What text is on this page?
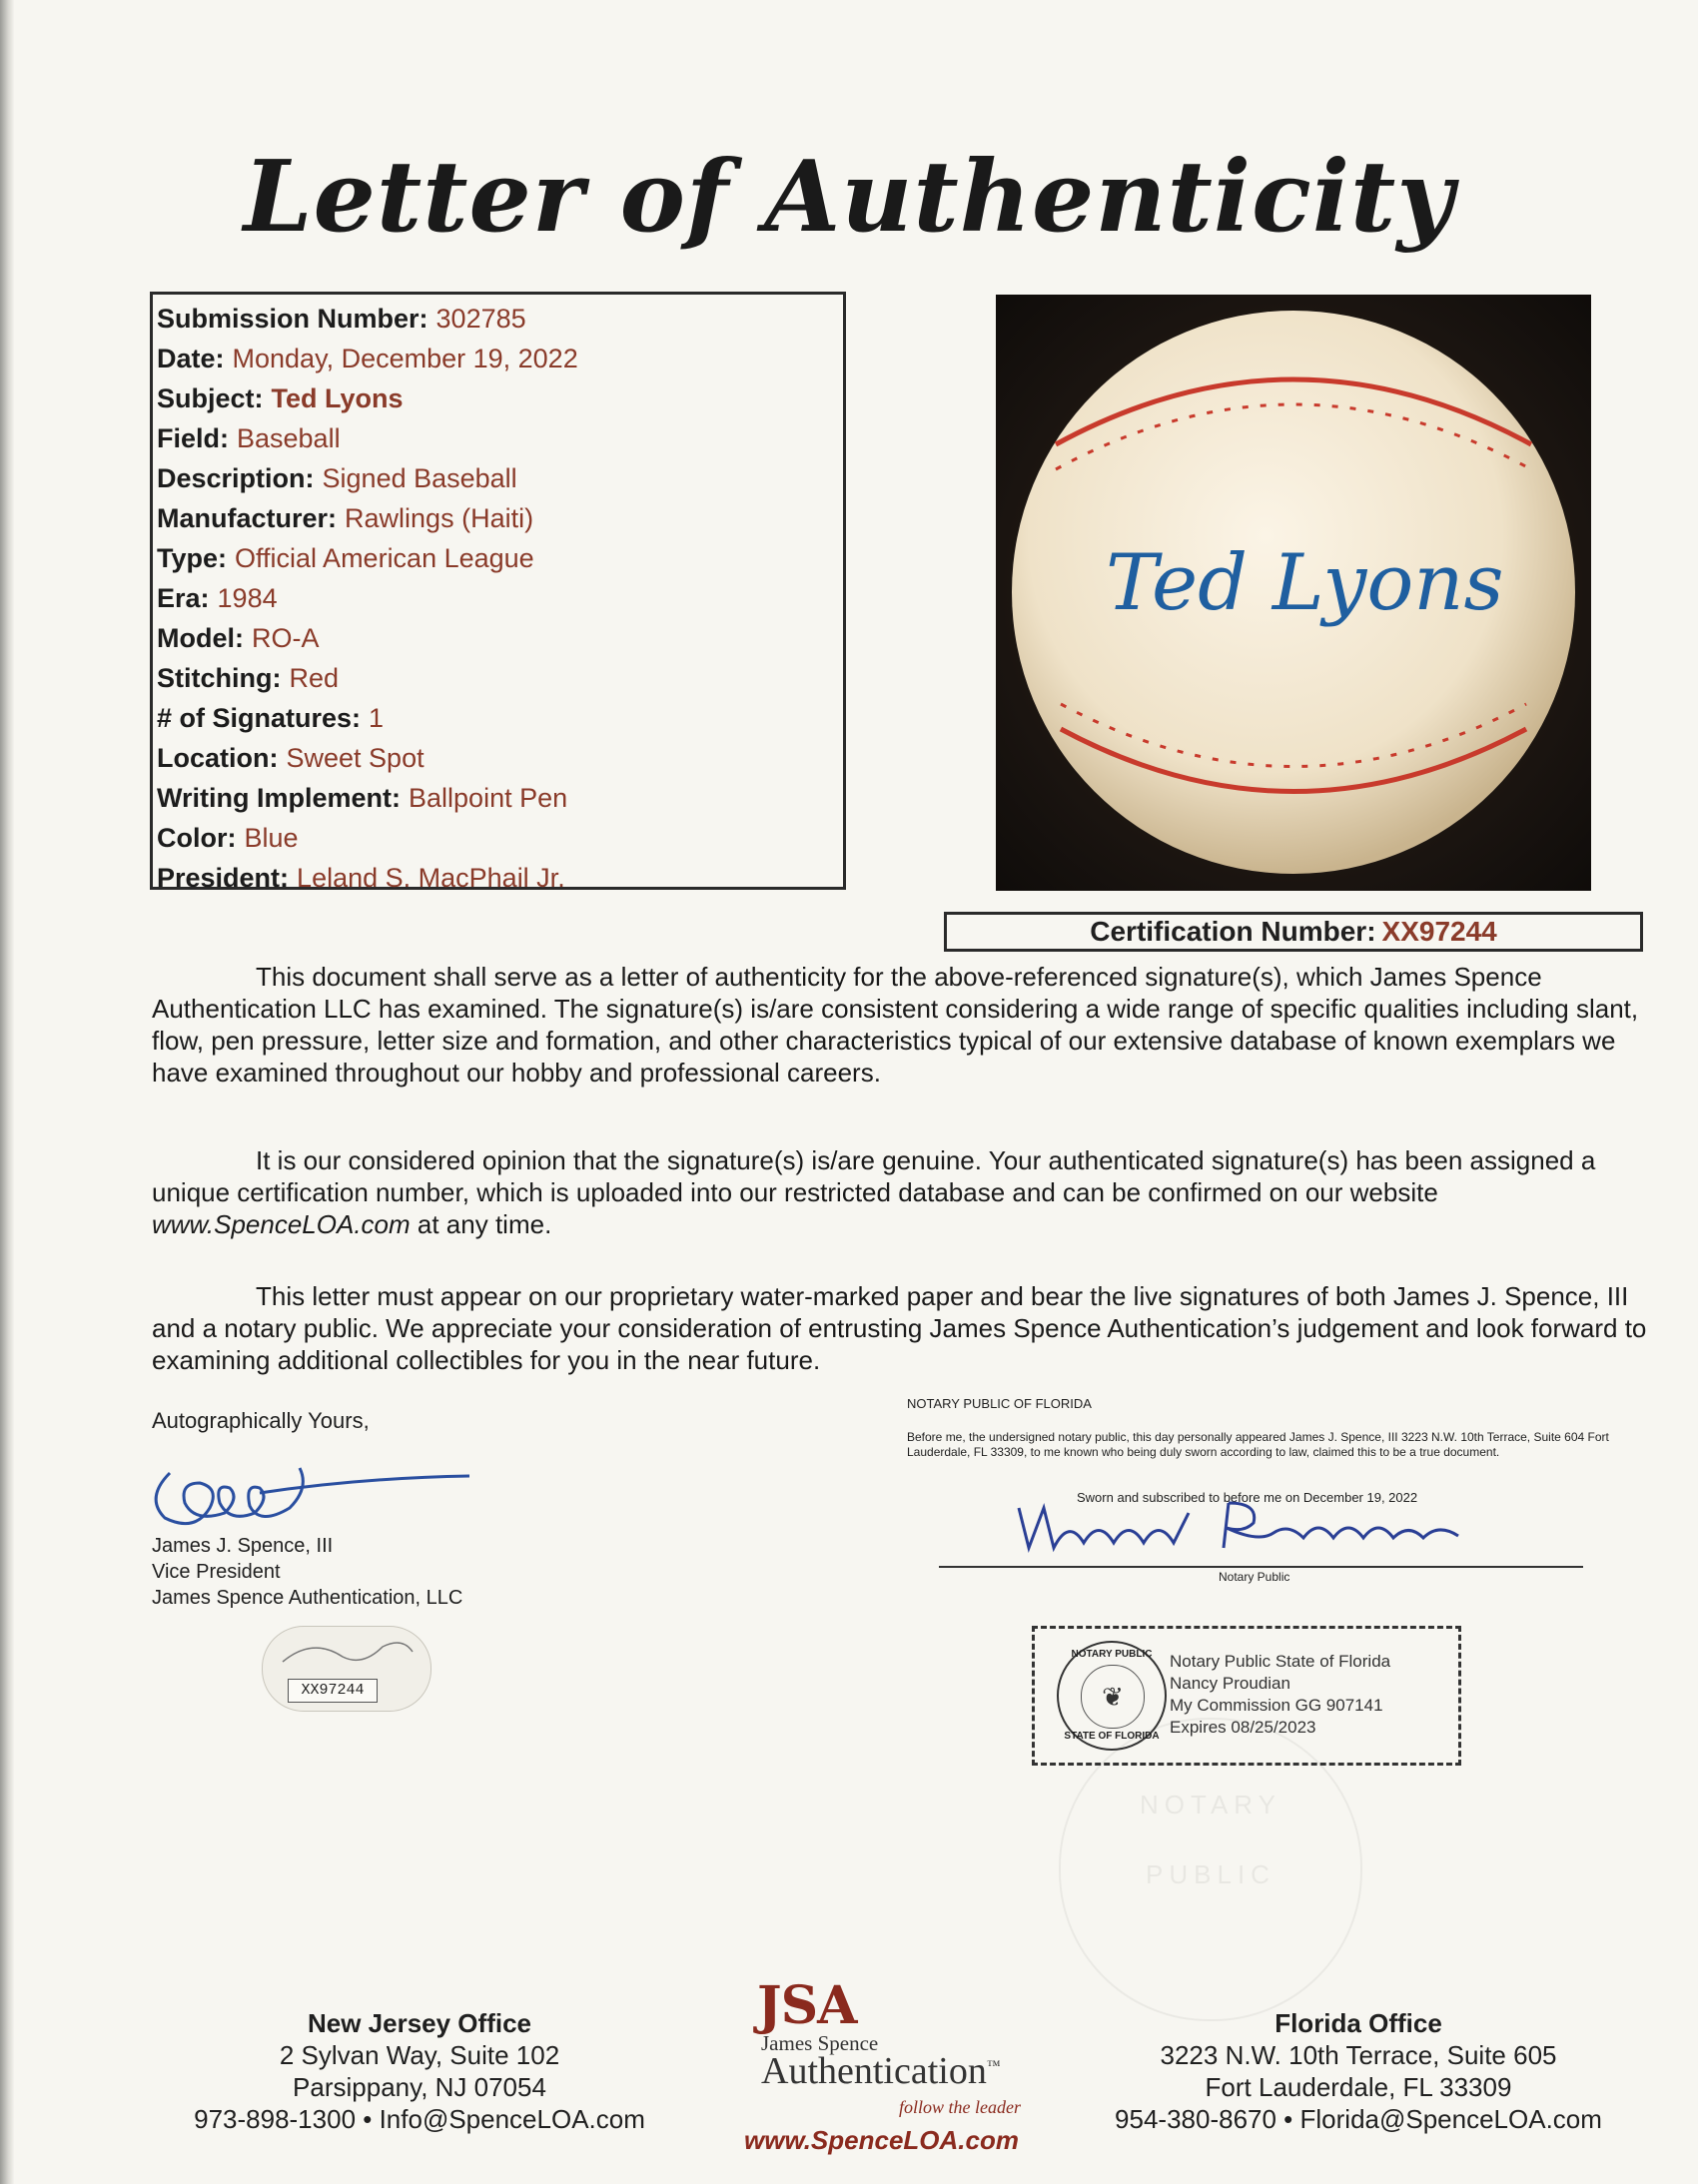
Letter of Authenticity
Submission Number: 302785
Date: Monday, December 19, 2022
Subject: Ted Lyons
Field: Baseball
Description: Signed Baseball
Manufacturer: Rawlings (Haiti)
Type: Official American League
Era: 1984
Model: RO-A
Stitching: Red
# of Signatures: 1
Location: Sweet Spot
Writing Implement: Ballpoint Pen
Color: Blue
President: Leland S. MacPhail Jr.
Ted Lyons
Certification Number: XX97244
This document shall serve as a letter of authenticity for the above-referenced signature(s), which James Spence Authentication LLC has examined. The signature(s) is/are consistent considering a wide range of specific qualities including slant, flow, pen pressure, letter size and formation, and other characteristics typical of our extensive database of known exemplars we have examined throughout our hobby and professional careers.
It is our considered opinion that the signature(s) is/are genuine. Your authenticated signature(s) has been assigned a unique certification number, which is uploaded into our restricted database and can be confirmed on our website www.SpenceLOA.com at any time.
This letter must appear on our proprietary water-marked paper and bear the live signatures of both James J. Spence, III and a notary public. We appreciate your consideration of entrusting James Spence Authentication’s judgement and look forward to examining additional collectibles for you in the near future.
Autographically Yours,
James J. Spence, III
Vice President
James Spence Authentication, LLC
XX97244
NOTARY PUBLIC OF FLORIDA
Before me, the undersigned notary public, this day personally appeared James J. Spence, III 3223 N.W. 10th Terrace, Suite 604 Fort Lauderdale, FL 33309, to me known who being duly sworn according to law, claimed this to be a true document.
Sworn and subscribed to before me on December 19, 2022
Notary Public
NOTARY PUBLIC
❦
STATE OF FLORIDA
Notary Public State of Florida
Nancy Proudian
My Commission GG 907141
Expires 08/25/2023
NOTARY
PUBLIC
New Jersey Office
2 Sylvan Way, Suite 102
Parsippany, NJ 07054
973-898-1300 • Info@SpenceLOA.com
JSA
James Spence
Authentication™
follow the leader
www.SpenceLOA.com
Florida Office
3223 N.W. 10th Terrace, Suite 605
Fort Lauderdale, FL 33309
954-380-8670 • Florida@SpenceLOA.com
